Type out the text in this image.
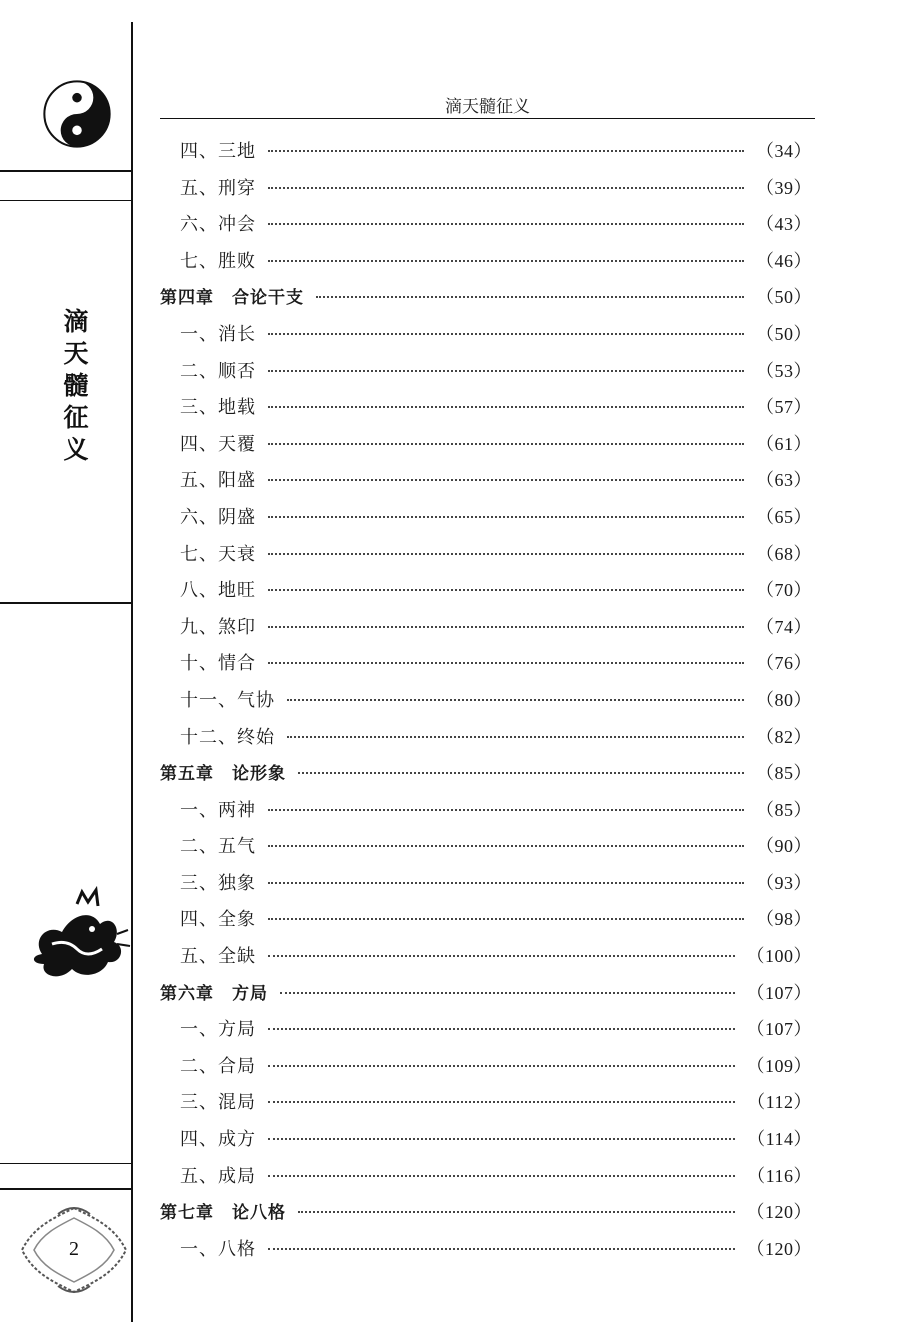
滴
天
髓
征
义
2
滴天髓征义
四、三地	（34）
五、刑穿	（39）
六、冲会	（43）
七、胜败	（46）
第四章　合论干支	（50）
一、消长	（50）
二、顺否	（53）
三、地载	（57）
四、天覆	（61）
五、阳盛	（63）
六、阴盛	（65）
七、天衰	（68）
八、地旺	（70）
九、煞印	（74）
十、情合	（76）
十一、气协	（80）
十二、终始	（82）
第五章　论形象	（85）
一、两神	（85）
二、五气	（90）
三、独象	（93）
四、全象	（98）
五、全缺	（100）
第六章　方局	（107）
一、方局	（107）
二、合局	（109）
三、混局	（112）
四、成方	（114）
五、成局	（116）
第七章　论八格	（120）
一、八格	（120）
